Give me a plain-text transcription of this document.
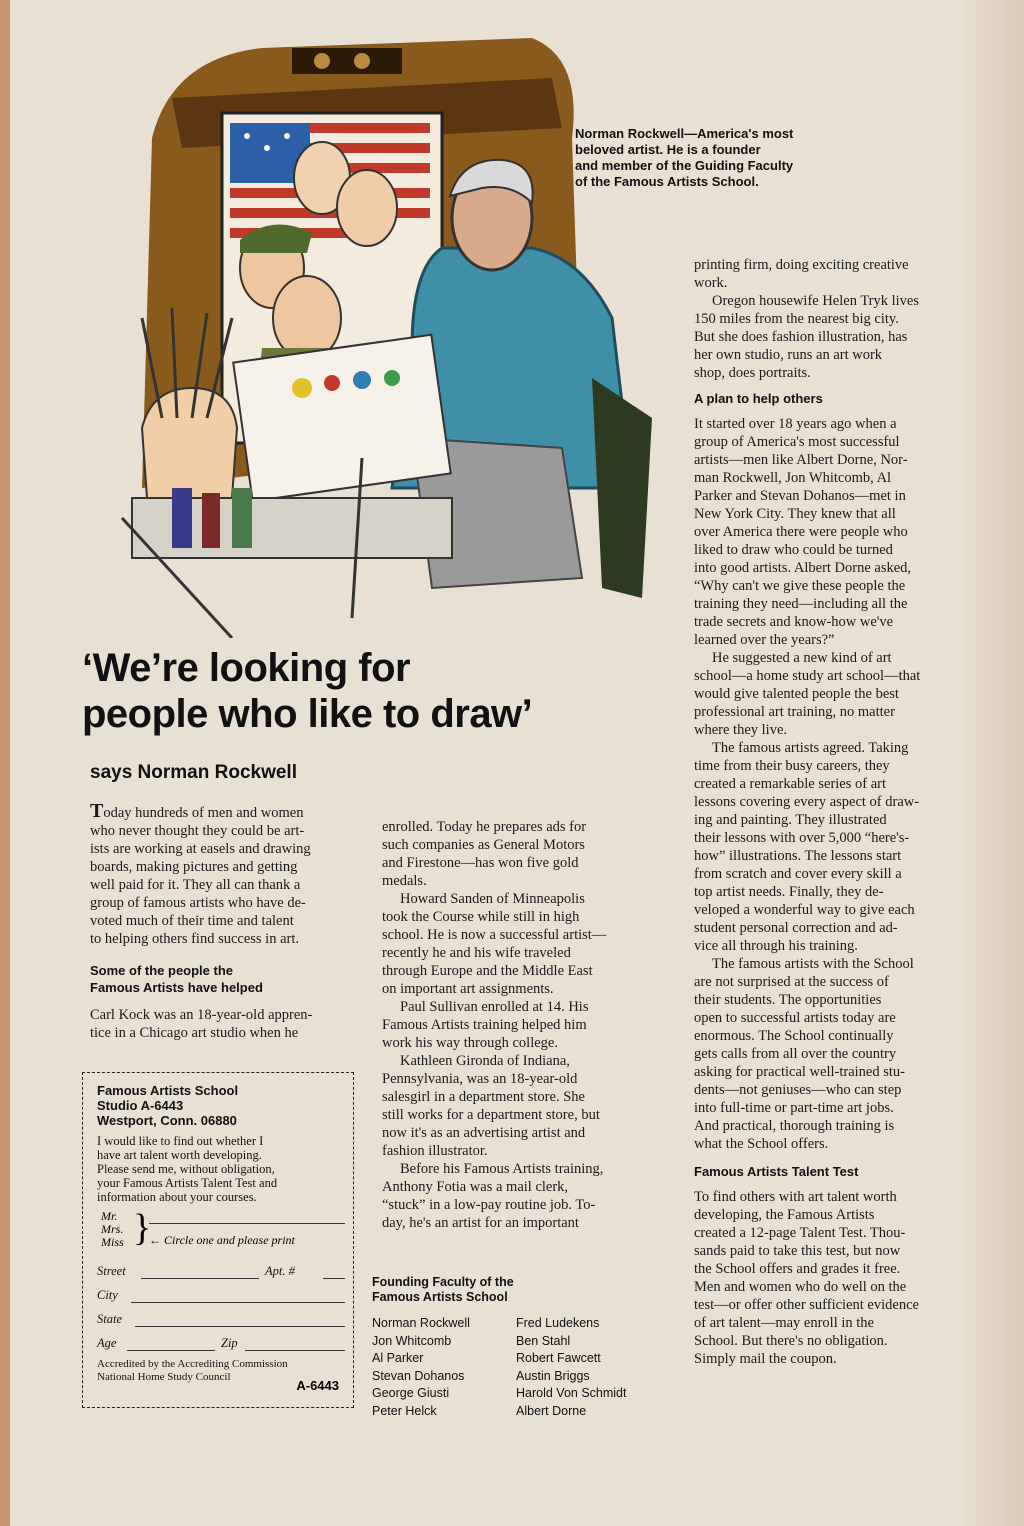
Norman Rockwell—America's most
beloved artist. He is a founder
and member of the Guiding Faculty
of the Famous Artists School.
‘We’re looking for
people who like to draw’
says Norman Rockwell
Today hundreds of men and women
who never thought they could be art-
ists are working at easels and drawing
boards, making pictures and getting
well paid for it. They all can thank a
group of famous artists who have de-
voted much of their time and talent
to helping others find success in art.
Some of the people the
Famous Artists have helped
Carl Kock was an 18-year-old appren-
tice in a Chicago art studio when he
Famous Artists School
Studio A-6443
Westport, Conn. 06880
I would like to find out whether I
have art talent worth developing.
Please send me, without obligation,
your Famous Artists Talent Test and
information about your courses.
Mr.
Mrs.
Miss }
← Circle one and please print
Street	Apt. #
City
State
Age	Zip
Accredited by the Accrediting Commission
National Home Study Council
A-6443
enrolled. Today he prepares ads for
such companies as General Motors
and Firestone—has won five gold
medals.
Howard Sanden of Minneapolis
took the Course while still in high
school. He is now a successful artist—
recently he and his wife traveled
through Europe and the Middle East
on important art assignments.
Paul Sullivan enrolled at 14. His
Famous Artists training helped him
work his way through college.
Kathleen Gironda of Indiana,
Pennsylvania, was an 18-year-old
salesgirl in a department store. She
still works for a department store, but
now it's as an advertising artist and
fashion illustrator.
Before his Famous Artists training,
Anthony Fotia was a mail clerk,
“stuck” in a low-pay routine job. To-
day, he's an artist for an important
Founding Faculty of the
Famous Artists School
Norman Rockwell
Jon Whitcomb
Al Parker
Stevan Dohanos
George Giusti
Peter Helck
Fred Ludekens
Ben Stahl
Robert Fawcett
Austin Briggs
Harold Von Schmidt
Albert Dorne
printing firm, doing exciting creative
work.
Oregon housewife Helen Tryk lives
150 miles from the nearest big city.
But she does fashion illustration, has
her own studio, runs an art work
shop, does portraits.
A plan to help others
It started over 18 years ago when a
group of America's most successful
artists—men like Albert Dorne, Nor-
man Rockwell, Jon Whitcomb, Al
Parker and Stevan Dohanos—met in
New York City. They knew that all
over America there were people who
liked to draw who could be turned
into good artists. Albert Dorne asked,
“Why can't we give these people the
training they need—including all the
trade secrets and know-how we've
learned over the years?”
He suggested a new kind of art
school—a home study art school—that
would give talented people the best
professional art training, no matter
where they live.
The famous artists agreed. Taking
time from their busy careers, they
created a remarkable series of art
lessons covering every aspect of draw-
ing and painting. They illustrated
their lessons with over 5,000 “here's-
how” illustrations. The lessons start
from scratch and cover every skill a
top artist needs. Finally, they de-
veloped a wonderful way to give each
student personal correction and ad-
vice all through his training.
The famous artists with the School
are not surprised at the success of
their students. The opportunities
open to successful artists today are
enormous. The School continually
gets calls from all over the country
asking for practical well-trained stu-
dents—not geniuses—who can step
into full-time or part-time art jobs.
And practical, thorough training is
what the School offers.
Famous Artists Talent Test
To find others with art talent worth
developing, the Famous Artists
created a 12-page Talent Test. Thou-
sands paid to take this test, but now
the School offers and grades it free.
Men and women who do well on the
test—or offer other sufficient evidence
of art talent—may enroll in the
School. But there's no obligation.
Simply mail the coupon.
